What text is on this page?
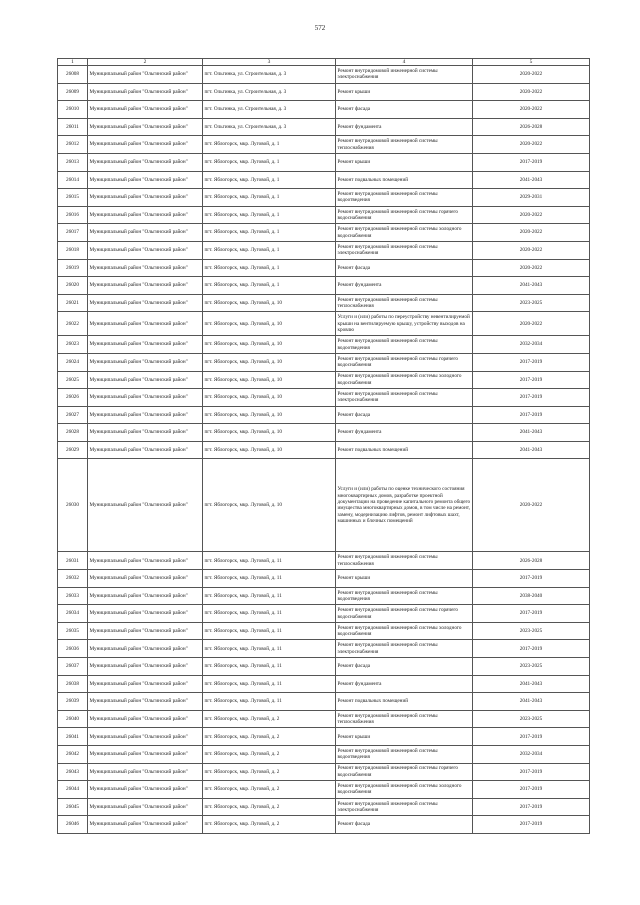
572
1	2	3	4	5
26008	Муниципальный район "Ольгинский район"	пгт. Ольгинка, ул. Строительная, д. 3	Ремонт внутридомовой инженерной системы электроснабжения	2020-2022
26009	Муниципальный район "Ольгинский район"	пгт. Ольгинка, ул. Строительная, д. 3	Ремонт крыши	2020-2022
26010	Муниципальный район "Ольгинский район"	пгт. Ольгинка, ул. Строительная, д. 3	Ремонт фасада	2020-2022
26011	Муниципальный район "Ольгинский район"	пгт. Ольгинка, ул. Строительная, д. 3	Ремонт фундамента	2026-2028
26012	Муниципальный район "Ольгинский район"	пгт. Яблогорск, мкр. Луговой, д. 1	Ремонт внутридомовой инженерной системы теплоснабжения	2020-2022
26013	Муниципальный район "Ольгинский район"	пгт. Яблогорск, мкр. Луговой, д. 1	Ремонт крыши	2017-2019
26014	Муниципальный район "Ольгинский район"	пгт. Яблогорск, мкр. Луговой, д. 1	Ремонт подвальных помещений	2041-2043
26015	Муниципальный район "Ольгинский район"	пгт. Яблогорск, мкр. Луговой, д. 1	Ремонт внутридомовой инженерной системы водоотведения	2029-2031
26016	Муниципальный район "Ольгинский район"	пгт. Яблогорск, мкр. Луговой, д. 1	Ремонт внутридомовой инженерной системы горячего водоснабжения	2020-2022
26017	Муниципальный район "Ольгинский район"	пгт. Яблогорск, мкр. Луговой, д. 1	Ремонт внутридомовой инженерной системы холодного водоснабжения	2020-2022
26018	Муниципальный район "Ольгинский район"	пгт. Яблогорск, мкр. Луговой, д. 1	Ремонт внутридомовой инженерной системы электроснабжения	2020-2022
26019	Муниципальный район "Ольгинский район"	пгт. Яблогорск, мкр. Луговой, д. 1	Ремонт фасада	2020-2022
26020	Муниципальный район "Ольгинский район"	пгт. Яблогорск, мкр. Луговой, д. 1	Ремонт фундамента	2041-2043
26021	Муниципальный район "Ольгинский район"	пгт. Яблогорск, мкр. Луговой, д. 10	Ремонт внутридомовой инженерной системы теплоснабжения	2023-2025
26022	Муниципальный район "Ольгинский район"	пгт. Яблогорск, мкр. Луговой, д. 10	Услуги и (или) работы по переустройству невентилируемой крыши на вентилируемую крышу, устройству выходов на кровлю	2020-2022
26023	Муниципальный район "Ольгинский район"	пгт. Яблогорск, мкр. Луговой, д. 10	Ремонт внутридомовой инженерной системы водоотведения	2032-2034
26024	Муниципальный район "Ольгинский район"	пгт. Яблогорск, мкр. Луговой, д. 10	Ремонт внутридомовой инженерной системы горячего водоснабжения	2017-2019
26025	Муниципальный район "Ольгинский район"	пгт. Яблогорск, мкр. Луговой, д. 10	Ремонт внутридомовой инженерной системы холодного водоснабжения	2017-2019
26026	Муниципальный район "Ольгинский район"	пгт. Яблогорск, мкр. Луговой, д. 10	Ремонт внутридомовой инженерной системы электроснабжения	2017-2019
26027	Муниципальный район "Ольгинский район"	пгт. Яблогорск, мкр. Луговой, д. 10	Ремонт фасада	2017-2019
26028	Муниципальный район "Ольгинский район"	пгт. Яблогорск, мкр. Луговой, д. 10	Ремонт фундамента	2041-2043
26029	Муниципальный район "Ольгинский район"	пгт. Яблогорск, мкр. Луговой, д. 10	Ремонт подвальных помещений	2041-2043
26030	Муниципальный район "Ольгинский район"	пгт. Яблогорск, мкр. Луговой, д. 10	Услуги и (или) работы по оценке технического состояния многоквартирных домов, разработке проектной документации на проведение капитального ремонта общего имущества многоквартирных домов, в том числе на ремонт, замену, модернизацию лифтов, ремонт лифтовых шахт, машинных и блочных помещений	2020-2022
26031	Муниципальный район "Ольгинский район"	пгт. Яблогорск, мкр. Луговой, д. 11	Ремонт внутридомовой инженерной системы теплоснабжения	2026-2028
26032	Муниципальный район "Ольгинский район"	пгт. Яблогорск, мкр. Луговой, д. 11	Ремонт крыши	2017-2019
26033	Муниципальный район "Ольгинский район"	пгт. Яблогорск, мкр. Луговой, д. 11	Ремонт внутридомовой инженерной системы водоотведения	2038-2040
26034	Муниципальный район "Ольгинский район"	пгт. Яблогорск, мкр. Луговой, д. 11	Ремонт внутридомовой инженерной системы горячего водоснабжения	2017-2019
26035	Муниципальный район "Ольгинский район"	пгт. Яблогорск, мкр. Луговой, д. 11	Ремонт внутридомовой инженерной системы холодного водоснабжения	2023-2025
26036	Муниципальный район "Ольгинский район"	пгт. Яблогорск, мкр. Луговой, д. 11	Ремонт внутридомовой инженерной системы электроснабжения	2017-2019
26037	Муниципальный район "Ольгинский район"	пгт. Яблогорск, мкр. Луговой, д. 11	Ремонт фасада	2023-2025
26038	Муниципальный район "Ольгинский район"	пгт. Яблогорск, мкр. Луговой, д. 11	Ремонт фундамента	2041-2043
26039	Муниципальный район "Ольгинский район"	пгт. Яблогорск, мкр. Луговой, д. 11	Ремонт подвальных помещений	2041-2043
26040	Муниципальный район "Ольгинский район"	пгт. Яблогорск, мкр. Луговой, д. 2	Ремонт внутридомовой инженерной системы теплоснабжения	2023-2025
26041	Муниципальный район "Ольгинский район"	пгт. Яблогорск, мкр. Луговой, д. 2	Ремонт крыши	2017-2019
26042	Муниципальный район "Ольгинский район"	пгт. Яблогорск, мкр. Луговой, д. 2	Ремонт внутридомовой инженерной системы водоотведения	2032-2034
26043	Муниципальный район "Ольгинский район"	пгт. Яблогорск, мкр. Луговой, д. 2	Ремонт внутридомовой инженерной системы горячего водоснабжения	2017-2019
26044	Муниципальный район "Ольгинский район"	пгт. Яблогорск, мкр. Луговой, д. 2	Ремонт внутридомовой инженерной системы холодного водоснабжения	2017-2019
26045	Муниципальный район "Ольгинский район"	пгт. Яблогорск, мкр. Луговой, д. 2	Ремонт внутридомовой инженерной системы электроснабжения	2017-2019
26046	Муниципальный район "Ольгинский район"	пгт. Яблогорск, мкр. Луговой, д. 2	Ремонт фасада	2017-2019
